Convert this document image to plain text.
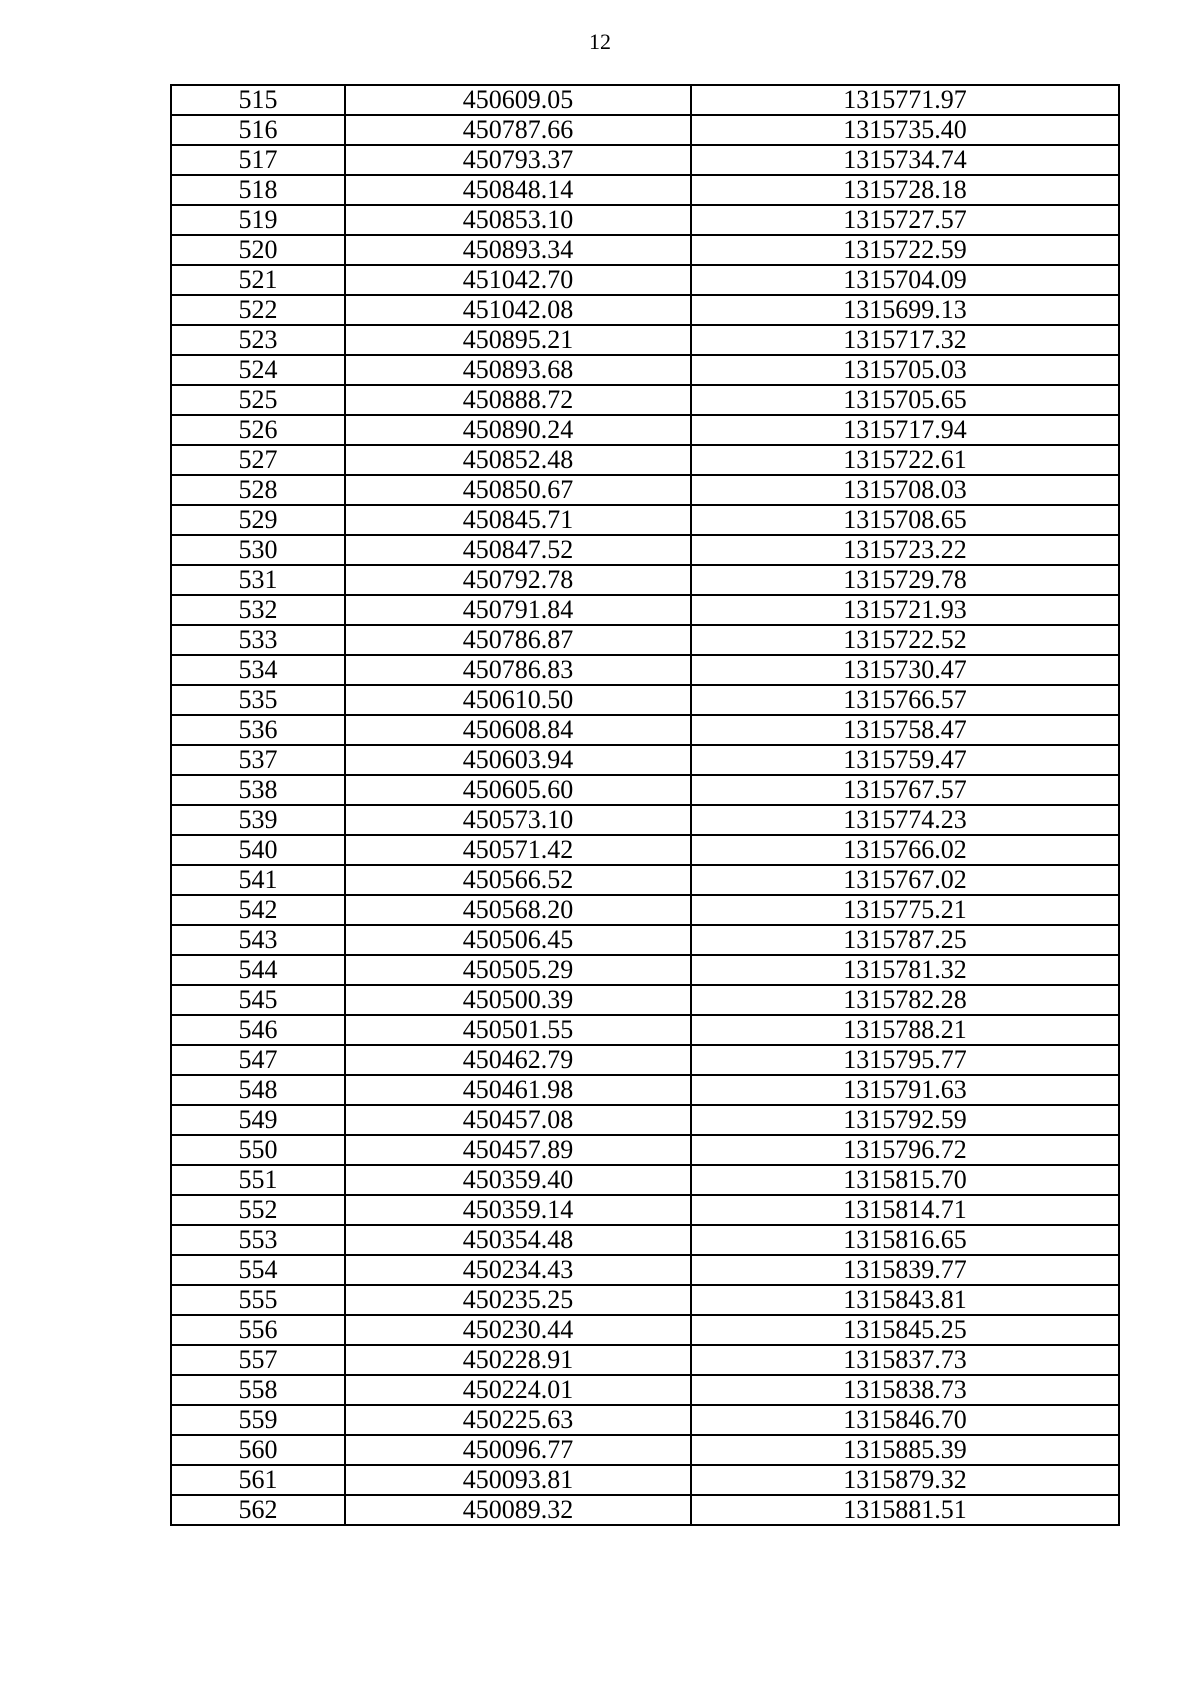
12
515	450609.05	1315771.97
516	450787.66	1315735.40
517	450793.37	1315734.74
518	450848.14	1315728.18
519	450853.10	1315727.57
520	450893.34	1315722.59
521	451042.70	1315704.09
522	451042.08	1315699.13
523	450895.21	1315717.32
524	450893.68	1315705.03
525	450888.72	1315705.65
526	450890.24	1315717.94
527	450852.48	1315722.61
528	450850.67	1315708.03
529	450845.71	1315708.65
530	450847.52	1315723.22
531	450792.78	1315729.78
532	450791.84	1315721.93
533	450786.87	1315722.52
534	450786.83	1315730.47
535	450610.50	1315766.57
536	450608.84	1315758.47
537	450603.94	1315759.47
538	450605.60	1315767.57
539	450573.10	1315774.23
540	450571.42	1315766.02
541	450566.52	1315767.02
542	450568.20	1315775.21
543	450506.45	1315787.25
544	450505.29	1315781.32
545	450500.39	1315782.28
546	450501.55	1315788.21
547	450462.79	1315795.77
548	450461.98	1315791.63
549	450457.08	1315792.59
550	450457.89	1315796.72
551	450359.40	1315815.70
552	450359.14	1315814.71
553	450354.48	1315816.65
554	450234.43	1315839.77
555	450235.25	1315843.81
556	450230.44	1315845.25
557	450228.91	1315837.73
558	450224.01	1315838.73
559	450225.63	1315846.70
560	450096.77	1315885.39
561	450093.81	1315879.32
562	450089.32	1315881.51
